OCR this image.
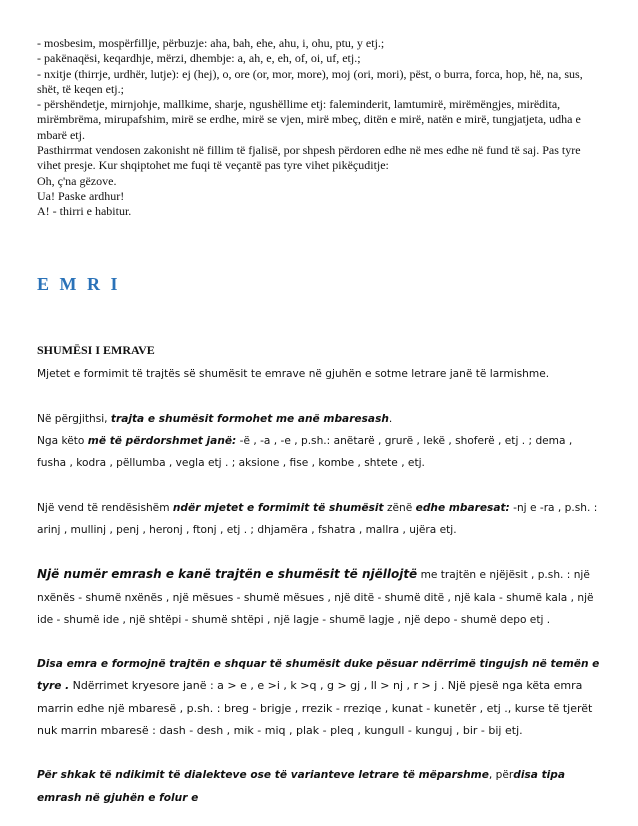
- mosbesim, mospërfillje, përbuzje: aha, bah, ehe, ahu, i, ohu, ptu, y etj.;

- pakënaqësi, keqardhje, mërzi, dhembje: a, ah, e, eh, of, oi, uf, etj.;

- nxitje (thirrje, urdhër, lutje): ej (hej), o, ore (or, mor, more), moj (ori, mori), pëst, o burra, forca, hop, hë, na, sus, shët, të keqen etj.;

- përshëndetje, mirnjohje, mallkime, sharje, ngushëllime etj: faleminderit, lamtumirë, mirëmëngjes, mirëdita, mirëmbrëma, mirupafshim, mirë se erdhe, mirë se vjen, mirë mbeç, ditën e mirë, natën e mirë, tungjatjeta, udha e mbarë etj.

Pasthirrmat vendosen zakonisht në fillim të fjalisë, por shpesh përdoren edhe në mes edhe në fund të saj. Pas tyre vihet presje. Kur shqiptohet me fuqi të veçantë pas tyre vihet pikëçuditje:

Oh, ç'na gëzove.

Ua! Paske ardhur!

A! - thirri e habitur.

E M R I
SHUMËSI I EMRAVE

Mjetet e formimit të trajtës së shumësit te emrave në gjuhën e sotme letrare janë të larmishme.

Në përgjithsi, trajta e shumësit formohet me anë mbaresash.

Nga këto më të përdorshmet janë: -ë , -a , -e , p.sh.: anëtarë , grurë , lekë , shoferë , etj . ; dema , fusha , kodra , pëllumba , vegla etj . ; aksione , fise , kombe , shtete , etj.

Një vend të rendësishëm ndër mjetet e formimit të shumësit zënë edhe mbaresat: -nj e -ra , p.sh. : arinj , mullinj , penj , heronj , ftonj , etj . ; dhjamëra , fshatra , mallra , ujëra etj.

Një numër emrash e kanë trajtën e shumësit të njëllojtë me trajtën e njëjësit , p.sh. : një nxënës - shumë nxënës , një mësues - shumë mësues , një ditë - shumë ditë , një kala - shumë kala , një ide - shumë ide , një shtëpi - shumë shtëpi , një lagje - shumë lagje , një depo - shumë depo etj .

Disa emra e formojnë trajtën e shquar të shumësit duke pësuar ndërrimë tingujsh në temën e tyre . Ndërrimet kryesore janë : a > e , e >i , k >q , g > gj , ll > nj , r > j . Një pjesë nga këta emra marrin edhe një mbaresë , p.sh. : breg - brigje , rrezik - rreziqe , kunat - kunetër , etj ., kurse të tjerët nuk marrin mbaresë : dash - desh , mik - miq , plak - pleq , kungull - kunguj , bir - bij etj.

Për shkak të ndikimit të dialekteve ose të varianteve letrare të mëparshme, përdisa tipa emrash në gjuhën e folur e
